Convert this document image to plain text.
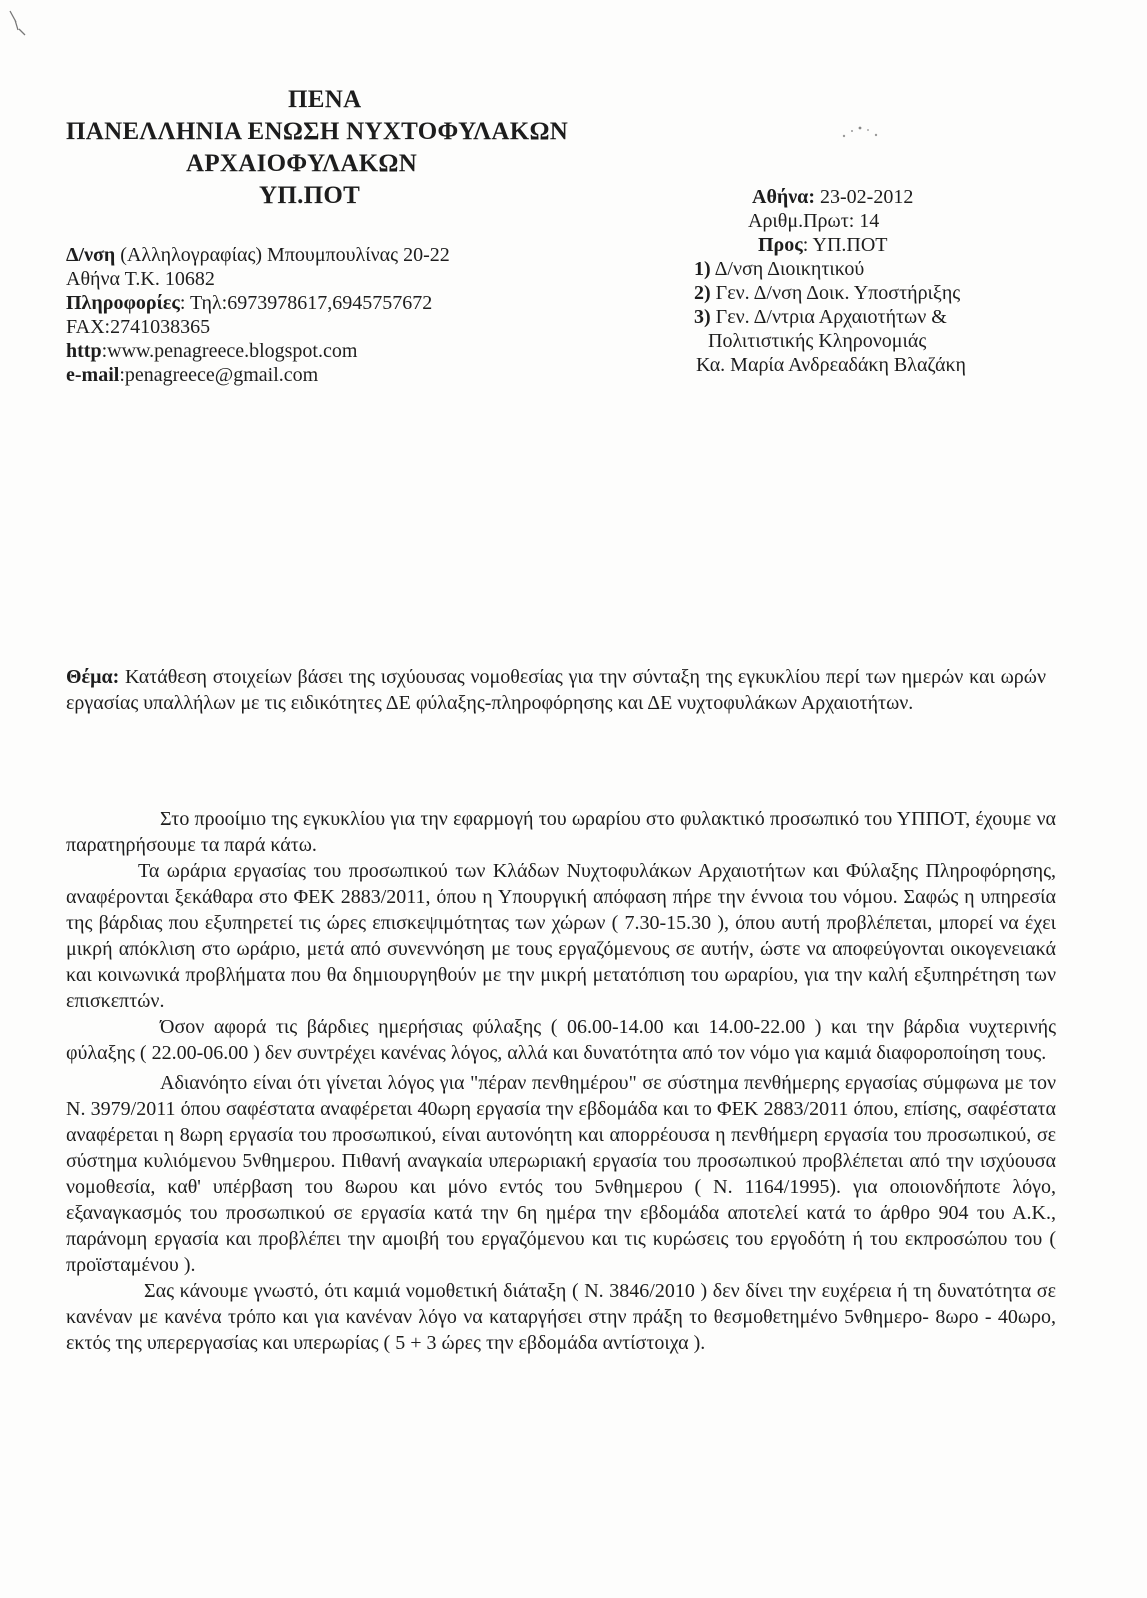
ΠΕΝΑ
ΠΑΝΕΛΛΗΝΙΑ ΕΝΩΣΗ ΝΥΧΤΟΦΥΛΑΚΩΝ
ΑΡΧΑΙΟΦΥΛΑΚΩΝ
ΥΠ.ΠΟΤ
Δ/νση (Αλληλογραφίας) Μπουμπουλίνας 20-22
Αθήνα Τ.Κ. 10682
Πληροφορίες: Τηλ:6973978617,6945757672
FAX:2741038365
http:www.penagreece.blogspot.com
e-mail:penagreece@gmail.com
Αθήνα: 23-02-2012
Αριθμ.Πρωτ: 14
Προς: ΥΠ.ΠΟΤ
1) Δ/νση Διοικητικού
2) Γεν. Δ/νση Δοικ. Υποστήριξης
3) Γεν. Δ/ντρια Αρχαιοτήτων &
Πολιτιστικής Κληρονομιάς
Κα. Μαρία Ανδρεαδάκη Βλαζάκη
Θέμα: Κατάθεση στοιχείων βάσει της ισχύουσας νομοθεσίας για την σύνταξη της εγκυκλίου περί των ημερών και ωρών εργασίας υπαλλήλων με τις ειδικότητες ΔΕ φύλαξης-πληροφόρησης και ΔΕ νυχτοφυλάκων Αρχαιοτήτων.

Στο προοίμιο της εγκυκλίου για την εφαρμογή του ωραρίου στο φυλακτικό προσωπικό του ΥΠΠΟΤ, έχουμε να παρατηρήσουμε τα παρά κάτω.

Τα ωράρια εργασίας του προσωπικού των Κλάδων Νυχτοφυλάκων Αρχαιοτήτων και Φύλαξης Πληροφόρησης, αναφέρονται ξεκάθαρα στο ΦΕΚ 2883/2011, όπου η Υπουργική απόφαση πήρε την έννοια του νόμου. Σαφώς η υπηρεσία της βάρδιας που εξυπηρετεί τις ώρες επισκεψιμότητας των χώρων ( 7.30-15.30 ), όπου αυτή προβλέπεται, μπορεί να έχει μικρή απόκλιση στο ωράριο, μετά από συνεννόηση με τους εργαζόμενους σε αυτήν, ώστε να αποφεύγονται οικογενειακά και κοινωνικά προβλήματα που θα δημιουργηθούν με την μικρή μετατόπιση του ωραρίου, για την καλή εξυπηρέτηση των επισκεπτών.

Όσον αφορά τις βάρδιες ημερήσιας φύλαξης ( 06.00-14.00 και 14.00-22.00 ) και την βάρδια νυχτερινής φύλαξης ( 22.00-06.00 ) δεν συντρέχει κανένας λόγος, αλλά και δυνατότητα από τον νόμο για καμιά διαφοροποίηση τους.

Αδιανόητο είναι ότι γίνεται λόγος για "πέραν πενθημέρου" σε σύστημα πενθήμερης εργασίας σύμφωνα με τον Ν. 3979/2011 όπου σαφέστατα αναφέρεται 40ωρη εργασία την εβδομάδα και το ΦΕΚ 2883/2011 όπου, επίσης, σαφέστατα αναφέρεται η 8ωρη εργασία του προσωπικού, είναι αυτονόητη και απορρέουσα η πενθήμερη εργασία του προσωπικού, σε σύστημα κυλιόμενου 5νθημερου. Πιθανή αναγκαία υπερωριακή εργασία του προσωπικού προβλέπεται από την ισχύουσα νομοθεσία, καθ' υπέρβαση του 8ωρου και μόνο εντός του 5νθημερου ( Ν. 1164/1995). για οποιονδήποτε λόγο, εξαναγκασμός του προσωπικού σε εργασία κατά την 6η ημέρα την εβδομάδα αποτελεί κατά το άρθρο 904 του Α.Κ., παράνομη εργασία και προβλέπει την αμοιβή του εργαζόμενου και τις κυρώσεις του εργοδότη ή του εκπροσώπου του ( προϊσταμένου ).

Σας κάνουμε γνωστό, ότι καμιά νομοθετική διάταξη ( Ν. 3846/2010 ) δεν δίνει την ευχέρεια ή τη δυνατότητα σε κανέναν με κανένα τρόπο και για κανέναν λόγο να καταργήσει στην πράξη το θεσμοθετημένο 5νθημερο- 8ωρο - 40ωρο, εκτός της υπερεργασίας και υπερωρίας ( 5 + 3 ώρες την εβδομάδα αντίστοιχα ).
